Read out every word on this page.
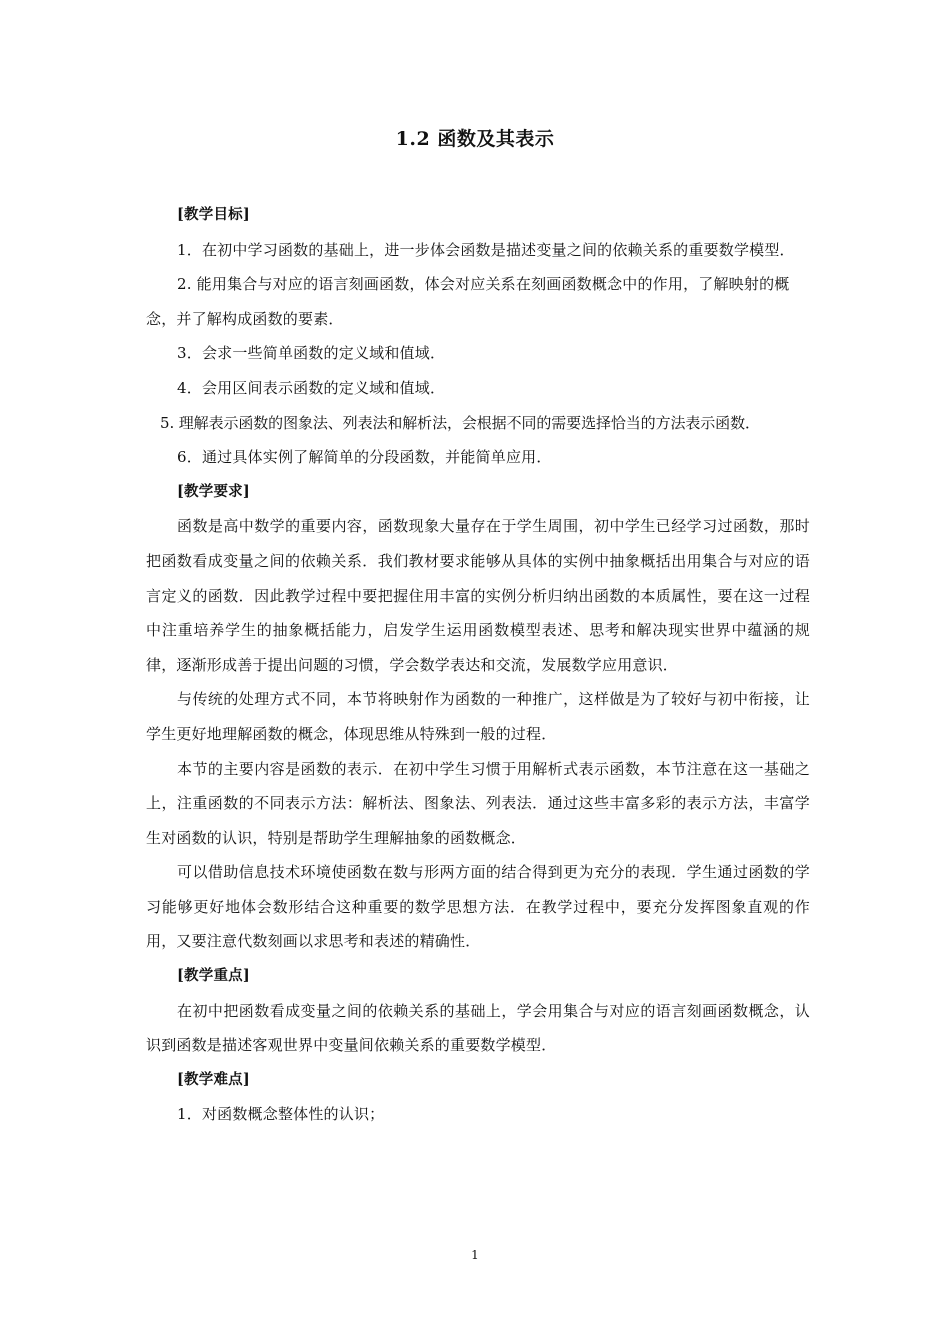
1.2 函数及其表示
[教学目标]
1．在初中学习函数的基础上，进一步体会函数是描述变量之间的依赖关系的重要数学模型．
2. 能用集合与对应的语言刻画函数，体会对应关系在刻画函数概念中的作用，了解映射的概念，并了解构成函数的要素．
3．会求一些简单函数的定义域和值域．
4．会用区间表示函数的定义域和值域．
5. 理解表示函数的图象法、列表法和解析法，会根据不同的需要选择恰当的方法表示函数．
6．通过具体实例了解简单的分段函数，并能简单应用．
[教学要求]
函数是高中数学的重要内容，函数现象大量存在于学生周围，初中学生已经学习过函数，那时把函数看成变量之间的依赖关系．我们教材要求能够从具体的实例中抽象概括出用集合与对应的语言定义的函数．因此教学过程中要把握住用丰富的实例分析归纳出函数的本质属性，要在这一过程中注重培养学生的抽象概括能力，启发学生运用函数模型表述、思考和解决现实世界中蕴涵的规律，逐渐形成善于提出问题的习惯，学会数学表达和交流，发展数学应用意识．
与传统的处理方式不同，本节将映射作为函数的一种推广，这样做是为了较好与初中衔接，让学生更好地理解函数的概念，体现思维从特殊到一般的过程．
本节的主要内容是函数的表示．在初中学生习惯于用解析式表示函数，本节注意在这一基础之上，注重函数的不同表示方法：解析法、图象法、列表法．通过这些丰富多彩的表示方法，丰富学生对函数的认识，特别是帮助学生理解抽象的函数概念．
可以借助信息技术环境使函数在数与形两方面的结合得到更为充分的表现．学生通过函数的学习能够更好地体会数形结合这种重要的数学思想方法．在教学过程中，要充分发挥图象直观的作用，又要注意代数刻画以求思考和表述的精确性．
[教学重点]
在初中把函数看成变量之间的依赖关系的基础上，学会用集合与对应的语言刻画函数概念，认识到函数是描述客观世界中变量间依赖关系的重要数学模型．
[教学难点]
1．对函数概念整体性的认识；
1
